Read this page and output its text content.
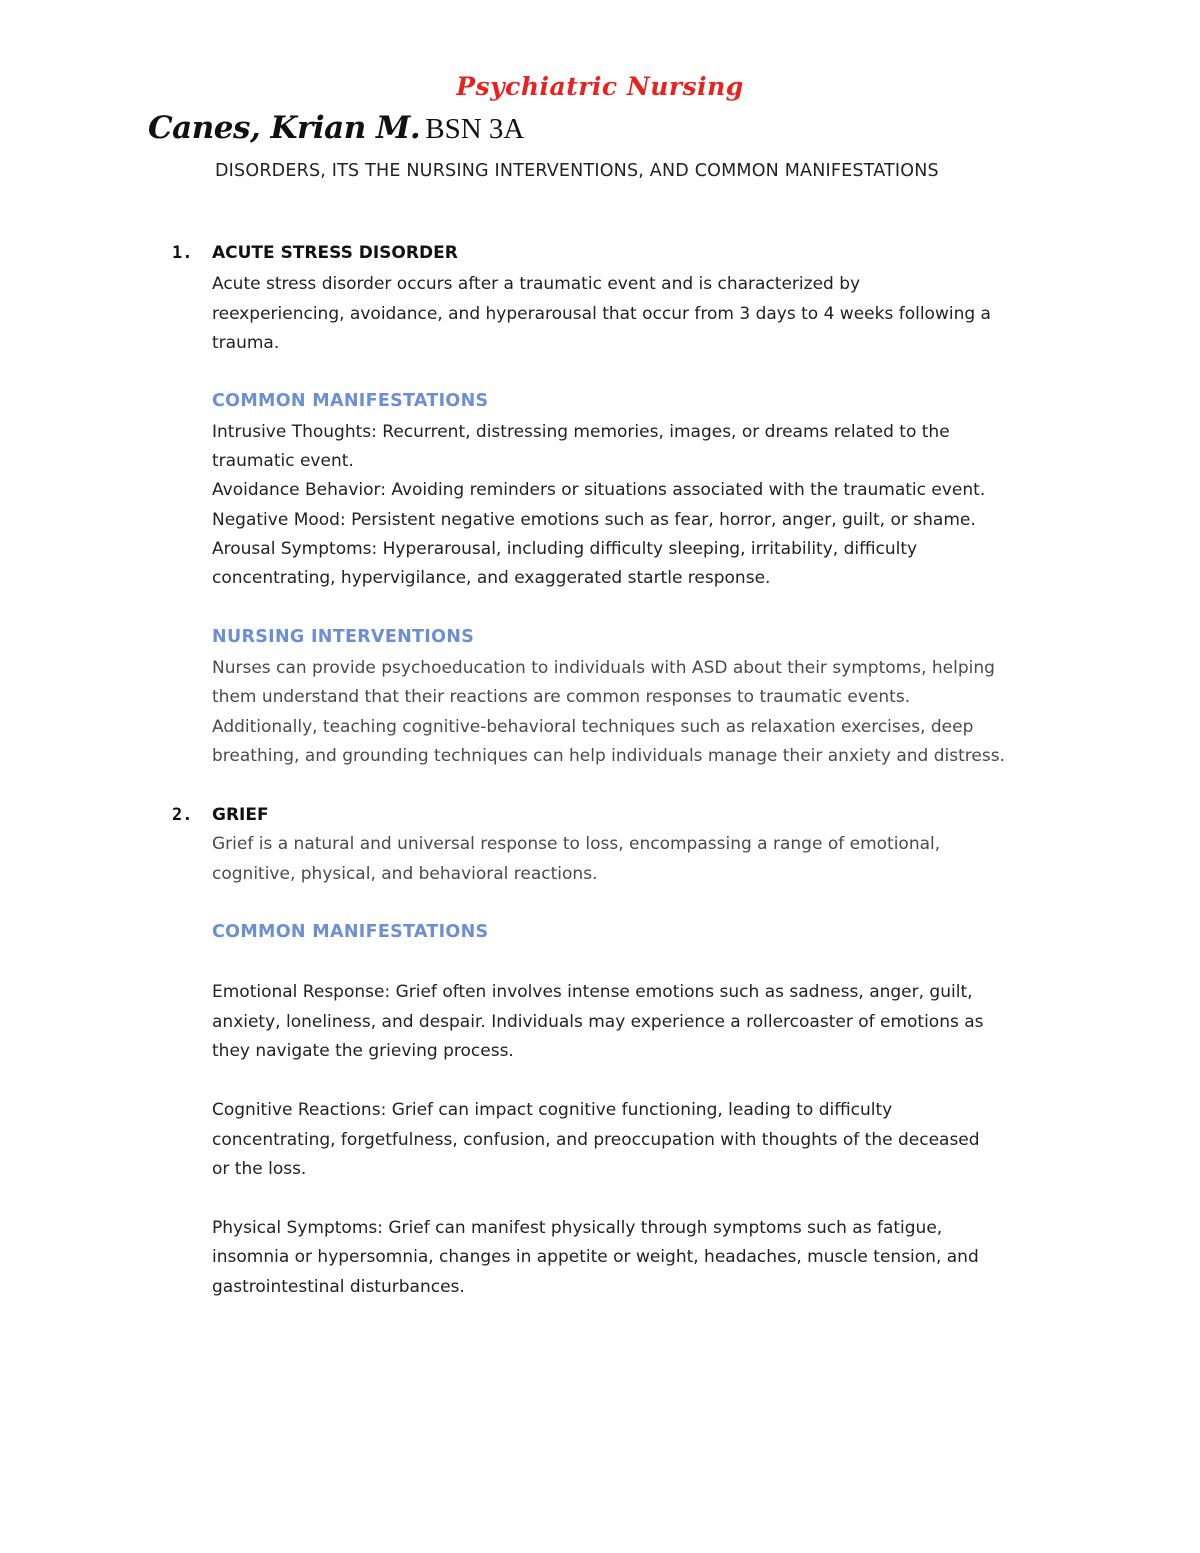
Psychiatric Nursing
Canes, Krian M. BSN 3A
DISORDERS, ITS THE NURSING INTERVENTIONS, AND COMMON MANIFESTATIONS
1. ACUTE STRESS DISORDER
Acute stress disorder occurs after a traumatic event and is characterized by
reexperiencing, avoidance, and hyperarousal that occur from 3 days to 4 weeks following a
trauma.
COMMON MANIFESTATIONS
Intrusive Thoughts: Recurrent, distressing memories, images, or dreams related to the
traumatic event.
Avoidance Behavior: Avoiding reminders or situations associated with the traumatic event.
Negative Mood: Persistent negative emotions such as fear, horror, anger, guilt, or shame.
Arousal Symptoms: Hyperarousal, including difficulty sleeping, irritability, difficulty
concentrating, hypervigilance, and exaggerated startle response.
NURSING INTERVENTIONS
Nurses can provide psychoeducation to individuals with ASD about their symptoms, helping
them understand that their reactions are common responses to traumatic events.
Additionally, teaching cognitive-behavioral techniques such as relaxation exercises, deep
breathing, and grounding techniques can help individuals manage their anxiety and distress.
2. GRIEF
Grief is a natural and universal response to loss, encompassing a range of emotional,
cognitive, physical, and behavioral reactions.
COMMON MANIFESTATIONS
Emotional Response: Grief often involves intense emotions such as sadness, anger, guilt,
anxiety, loneliness, and despair. Individuals may experience a rollercoaster of emotions as
they navigate the grieving process.
Cognitive Reactions: Grief can impact cognitive functioning, leading to difficulty
concentrating, forgetfulness, confusion, and preoccupation with thoughts of the deceased
or the loss.
Physical Symptoms: Grief can manifest physically through symptoms such as fatigue,
insomnia or hypersomnia, changes in appetite or weight, headaches, muscle tension, and
gastrointestinal disturbances.
